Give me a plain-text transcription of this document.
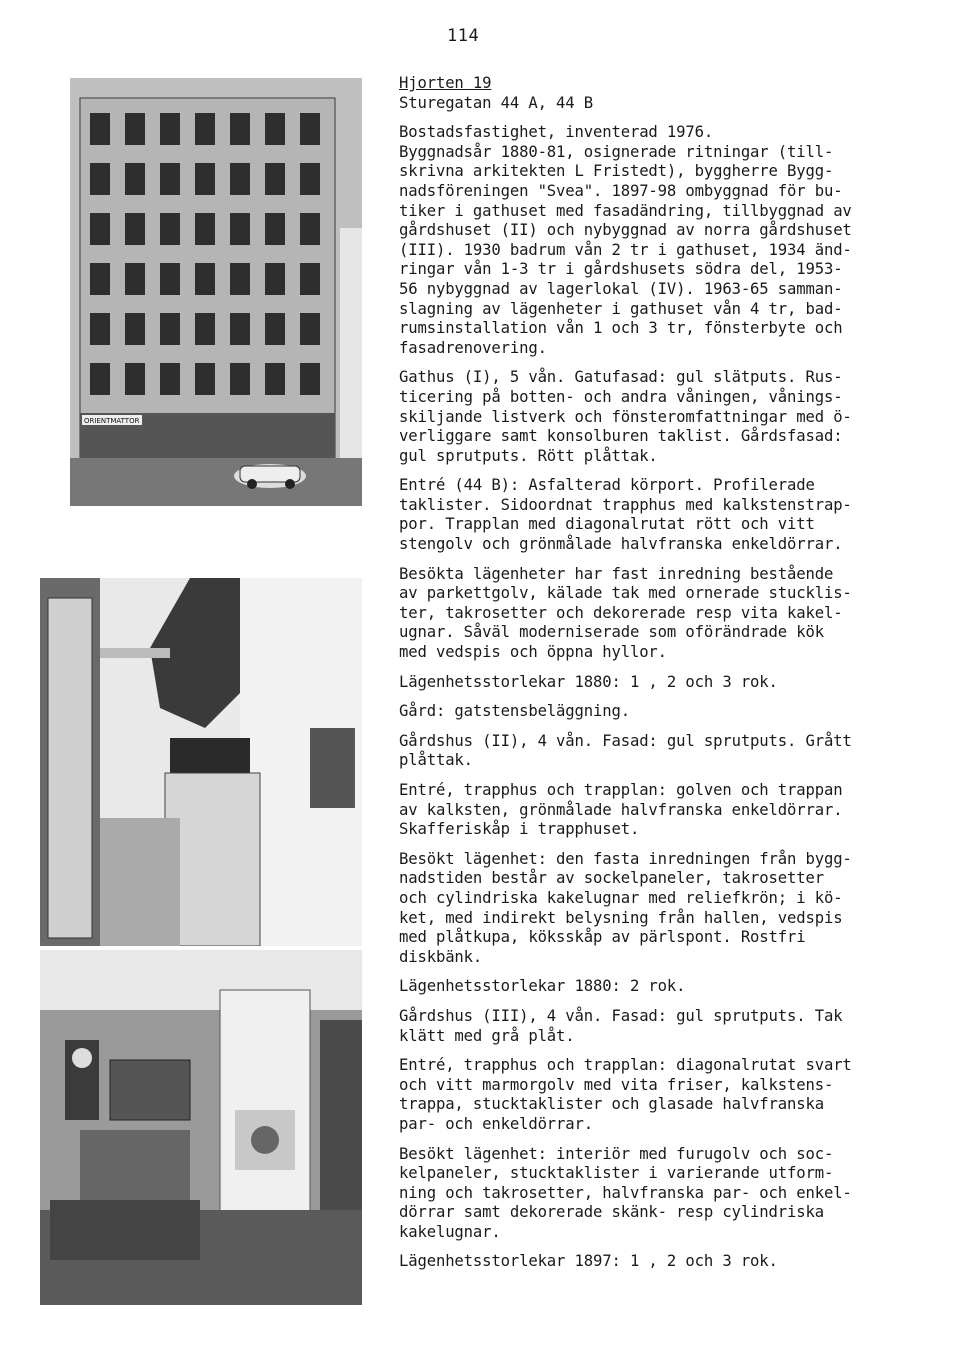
114
ORIENTMATTOR
Hjorten 19
Sturegatan 44 A, 44 B

Bostadsfastighet, inventerad 1976.
Byggnadsår 1880-81, osignerade ritningar (till-
skrivna arkitekten L Fristedt), byggherre Bygg-
nadsföreningen "Svea". 1897-98 ombyggnad för bu-
tiker i gathuset med fasadändring, tillbyggnad av
gårdshuset (II) och nybyggnad av norra gårdshuset
(III). 1930 badrum vån 2 tr i gathuset, 1934 änd-
ringar vån 1-3 tr i gårdshusets södra del, 1953-
56 nybyggnad av lagerlokal (IV). 1963-65 samman-
slagning av lägenheter i gathuset vån 4 tr, bad-
rumsinstallation vån 1 och 3 tr, fönsterbyte och
fasadrenovering.

Gathus (I), 5 vån. Gatufasad: gul slätputs. Rus-
ticering på botten- och andra våningen, vånings-
skiljande listverk och fönsteromfattningar med ö-
verliggare samt konsolburen taklist. Gårdsfasad:
gul sprutputs. Rött plåttak.

Entré (44 B): Asfalterad körport. Profilerade
taklister. Sidoordnat trapphus med kalkstenstrap-
por. Trapplan med diagonalrutat rött och vitt
stengolv och grönmålade halvfranska enkeldörrar.

Besökta lägenheter har fast inredning bestående
av parkettgolv, kälade tak med ornerade stucklis-
ter, takrosetter och dekorerade resp vita kakel-
ugnar. Såväl moderniserade som oförändrade kök
med vedspis och öppna hyllor.

Lägenhetsstorlekar 1880: 1 , 2 och 3 rok.

Gård: gatstensbeläggning.

Gårdshus (II), 4 vån. Fasad: gul sprutputs. Grått
plåttak.

Entré, trapphus och trapplan: golven och trappan
av kalksten, grönmålade halvfranska enkeldörrar.
Skafferiskåp i trapphuset.

Besökt lägenhet: den fasta inredningen från bygg-
nadstiden består av sockelpaneler, takrosetter
och cylindriska kakelugnar med reliefkrön; i kö-
ket, med indirekt belysning från hallen, vedspis
med plåtkupa, köksskåp av pärlspont. Rostfri
diskbänk.

Lägenhetsstorlekar 1880: 2 rok.

Gårdshus (III), 4 vån. Fasad: gul sprutputs. Tak
klätt med grå plåt.

Entré, trapphus och trapplan: diagonalrutat svart
och vitt marmorgolv med vita friser, kalkstens-
trappa, stucktaklister och glasade halvfranska
par- och enkeldörrar.

Besökt lägenhet: interiör med furugolv och soc-
kelpaneler, stucktaklister i varierande utform-
ning och takrosetter, halvfranska par- och enkel-
dörrar samt dekorerade skänk- resp cylindriska
kakelugnar.

Lägenhetsstorlekar 1897: 1 , 2 och 3 rok.
